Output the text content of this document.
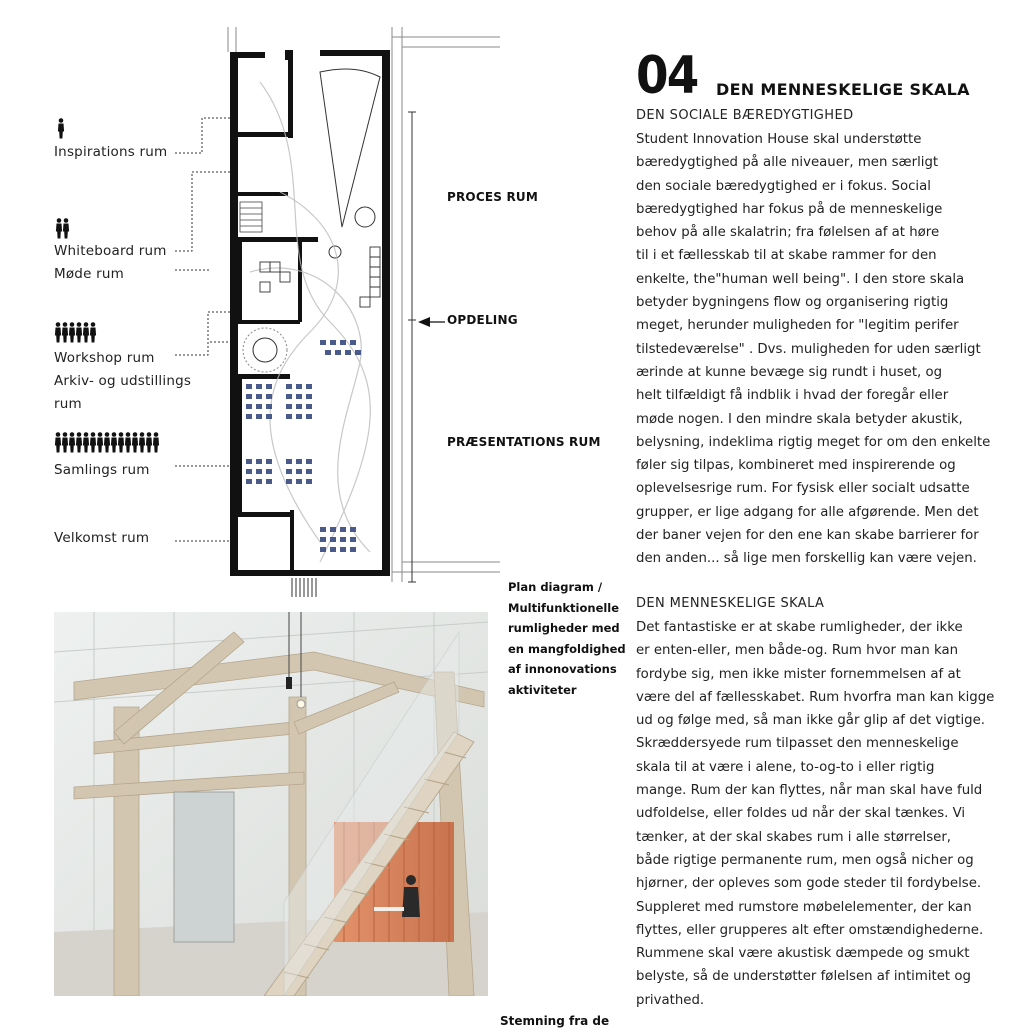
Inspirations rum
Whiteboard rum
Møde rum
Workshop rum
Arkiv- og udstillings
rum
Samlings rum
Velkomst rum
PROCES RUM
OPDELING
PRÆSENTATIONS RUM
Plan diagram /
Multifunktionelle
rumligheder med
en mangfoldighed
af innonovations
aktiviteter
04 DEN MENNESKELIGE SKALA
DEN SOCIALE BÆREDYGTIGHED
Student Innovation House skal understøtte
bæredygtighed på alle niveauer, men særligt
den sociale bæredygtighed er i fokus. Social
bæredygtighed har fokus på de menneskelige
behov på alle skalatrin; fra følelsen af at høre
til i et fællesskab til at skabe rammer for den
enkelte, the"human well being". I den store skala
betyder bygningens flow og organisering rigtig
meget, herunder muligheden for "legitim perifer
tilstedeværelse" . Dvs. muligheden for uden særligt
ærinde at kunne bevæge sig rundt i huset, og
helt tilfældigt få indblik i hvad der foregår eller
møde nogen. I den mindre skala betyder akustik,
belysning, indeklima rigtig meget for om den enkelte
føler sig tilpas, kombineret med inspirerende og
oplevelsesrige rum. For fysisk eller socialt udsatte
grupper, er lige adgang for alle afgørende. Men det
der baner vejen for den ene kan skabe barrierer for
den anden... så lige men forskellig kan være vejen.
DEN MENNESKELIGE SKALA
Det fantastiske er at skabe rumligheder, der ikke
er enten-eller, men både-og. Rum hvor man kan
fordybe sig, men ikke mister fornemmelsen af at
være del af fællesskabet. Rum hvorfra man kan kigge
ud og følge med, så man ikke går glip af det vigtige.
Skræddersyede rum tilpasset den menneskelige
skala til at være i alene, to-og-to i eller rigtig
mange. Rum der kan flyttes, når man skal have fuld
udfoldelse, eller foldes ud når der skal tænkes. Vi
tænker, at der skal skabes rum i alle størrelser,
både rigtige permanente rum, men også nicher og
hjørner, der opleves som gode steder til fordybelse.
Suppleret med rumstore møbelelementer, der kan
flyttes, eller grupperes alt efter omstændighederne.
Rummene skal være akustisk dæmpede og smukt
belyste, så de understøtter følelsen af intimitet og
privathed.
Stemning fra de
